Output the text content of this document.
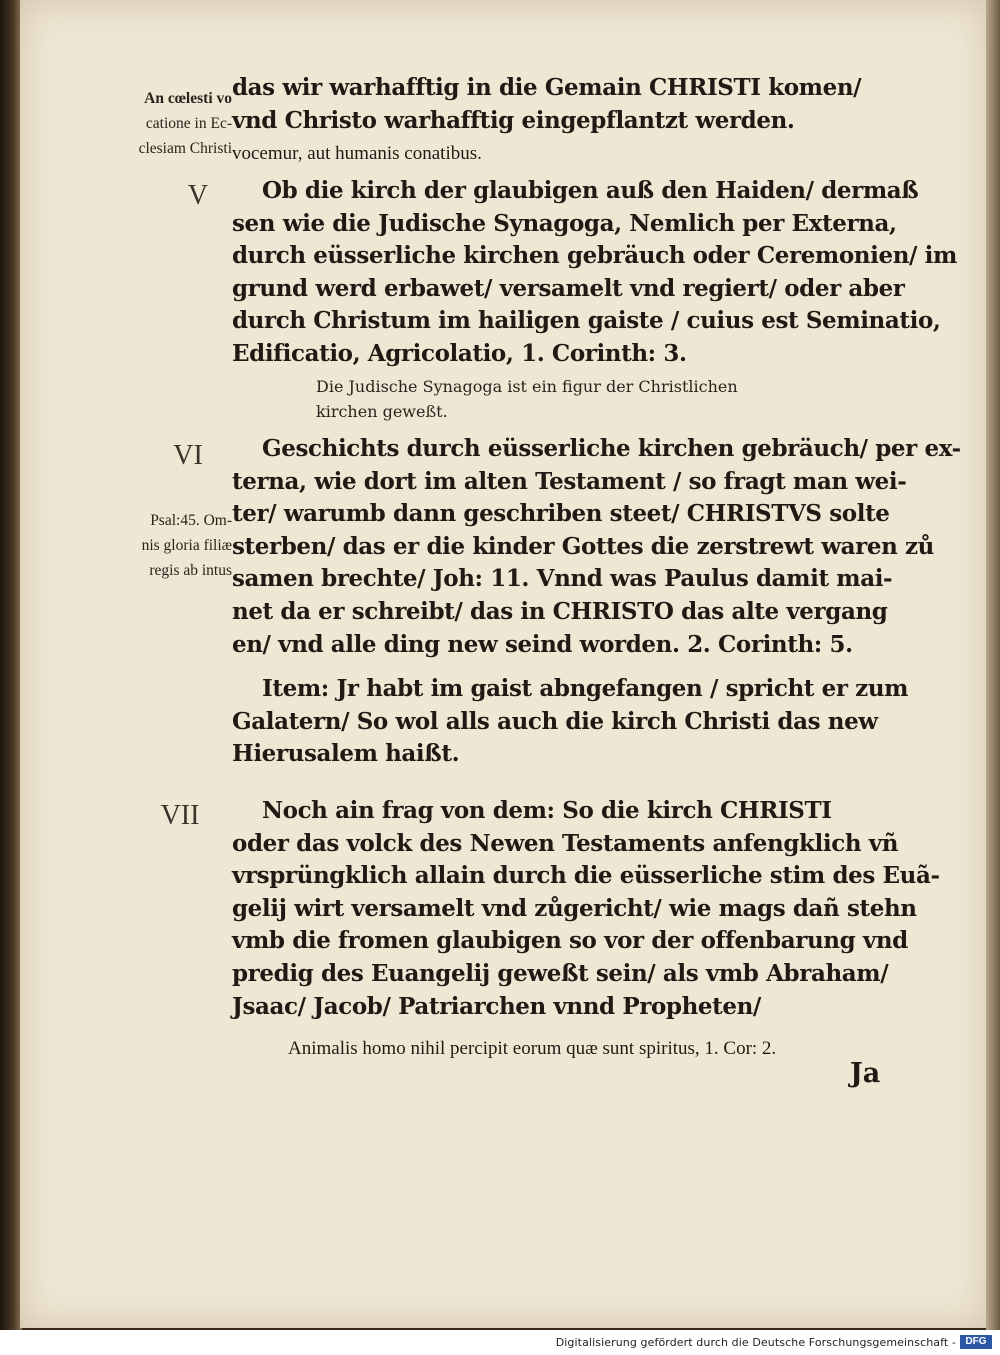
An cœlesti vo
catione in Ec-
clesiam Christi
das wir warhafftig in die Gemain CHRISTI komen/
vnd Christo warhafftig eingepflantzt werden.
vocemur, aut humanis conatibus.
V	Ob die kirch der glaubigen auß den Haiden/ dermaß
sen wie die Judische Synagoga, Nemlich per Externa,
durch eüsserliche kirchen gebräuch oder Ceremonien/ im
grund werd erbawet/ versamelt vnd regiert/ oder aber
durch Christum im hailigen gaiste / cuius est Seminatio,
Edificatio, Agricolatio, 1. Corinth: 3.
Die Judische Synagoga ist ein figur der Christlichen
kirchen geweßt.
VI
Psal:45. Om-
nis gloria filiæ
regis ab intus
Geschichts durch eüsserliche kirchen gebräuch/ per ex-
terna, wie dort im alten Testament / so fragt man wei-
ter/ warumb dann geschriben steet/ CHRISTVS solte
sterben/ das er die kinder Gottes die zerstrewt waren zů
samen brechte/ Joh: 11. Vnnd was Paulus damit mai-
net da er schreibt/ das in CHRISTO das alte vergang
en/ vnd alle ding new seind worden. 2. Corinth: 5.
Item: Jr habt im gaist abngefangen / spricht er zum
Galatern/ So wol alls auch die kirch Christi das new
Hierusalem haißt.
VII	Noch ain frag von dem: So die kirch CHRISTI
oder das volck des Newen Testaments anfengklich vñ
vrsprüngklich allain durch die eüsserliche stim des Euã-
gelij wirt versamelt vnd zůgericht/ wie mags dañ stehn
vmb die fromen glaubigen so vor der offenbarung vnd
predig des Euangelij geweßt sein/ als vmb Abraham/
Jsaac/ Jacob/ Patriarchen vnnd Propheten/
Animalis homo nihil percipit eorum quæ sunt spiritus, 1. Cor: 2.
Ja
Digitalisierung gefördert durch die Deutsche Forschungsgemeinschaft - DFG
